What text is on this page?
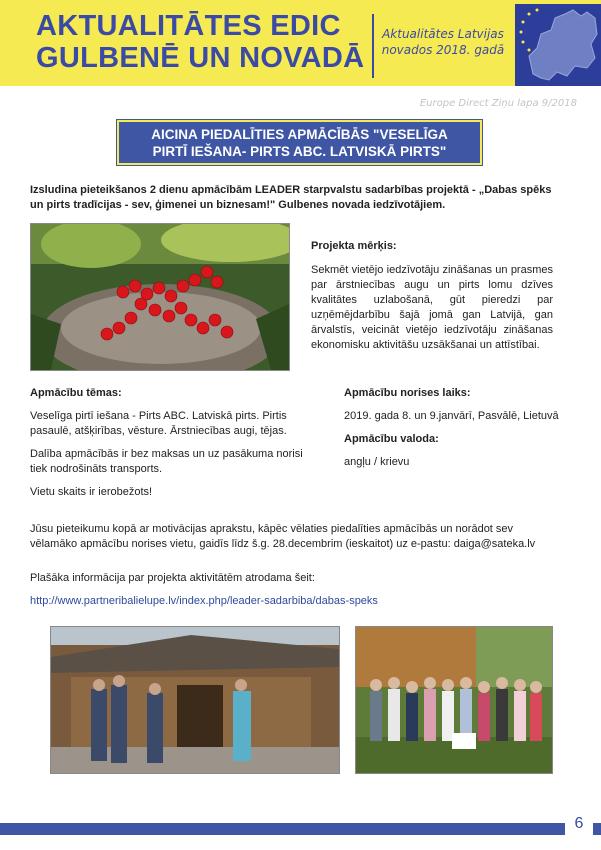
AKTUALITĀTES EDIC
GULBENĒ UN NOVADĀ
Aktualitātes Latvijas
novados 2018. gadā
Europe Direct Ziņu lapa 9/2018
AICINA PIEDALĪTIES APMĀCĪBĀS "VESELĪGA
PIRTĪ IEŠANA- PIRTS ABC. LATVISKĀ PIRTS"
Izsludina pieteikšanos 2 dienu apmācībām LEADER starpvalstu sadarbības projektā - „Dabas spēks un pirts tradīcijas - sev, ģimenei un biznesam!" Gulbenes novada iedzīvotājiem.
Projekta mērķis:
Sekmēt vietējo iedzīvotāju zināšanas un prasmes par ārstniecības augu un pirts lomu dzīves kvalitātes uzlabošanā, gūt pieredzi par uzņēmējdarbību šajā jomā gan Latvijā, gan ārvalstīs, veicināt vietējo iedzīvotāju zināšanas ekonomisku aktivitāšu uzsākšanai un attīstībai.
Apmācību tēmas:

Veselīga pirtī iešana - Pirts ABC. Latviskā pirts. Pirtis pasaulē, atšķirības, vēsture. Ārstniecības augi, tējas.

Dalība apmācībās ir bez maksas un uz pasākuma norisi tiek nodrošināts transports.

Vietu skaits ir ierobežots!

Apmācību norises laiks:

2019. gada 8. un 9.janvārī, Pasvālē, Lietuvā

Apmācību valoda:

angļu / krievu

Jūsu pieteikumu kopā ar motivācijas aprakstu, kāpēc vēlaties piedalīties apmācībās un norādot sev vēlamāko apmācību norises vietu, gaidīs līdz š.g. 28.decembrim (ieskaitot) uz e-pastu: daiga@sateka.lv
Plašāka informācija par projekta aktivitātēm atrodama šeit:
http://www.partneribalielupe.lv/index.php/leader-sadarbiba/dabas-speks
6
